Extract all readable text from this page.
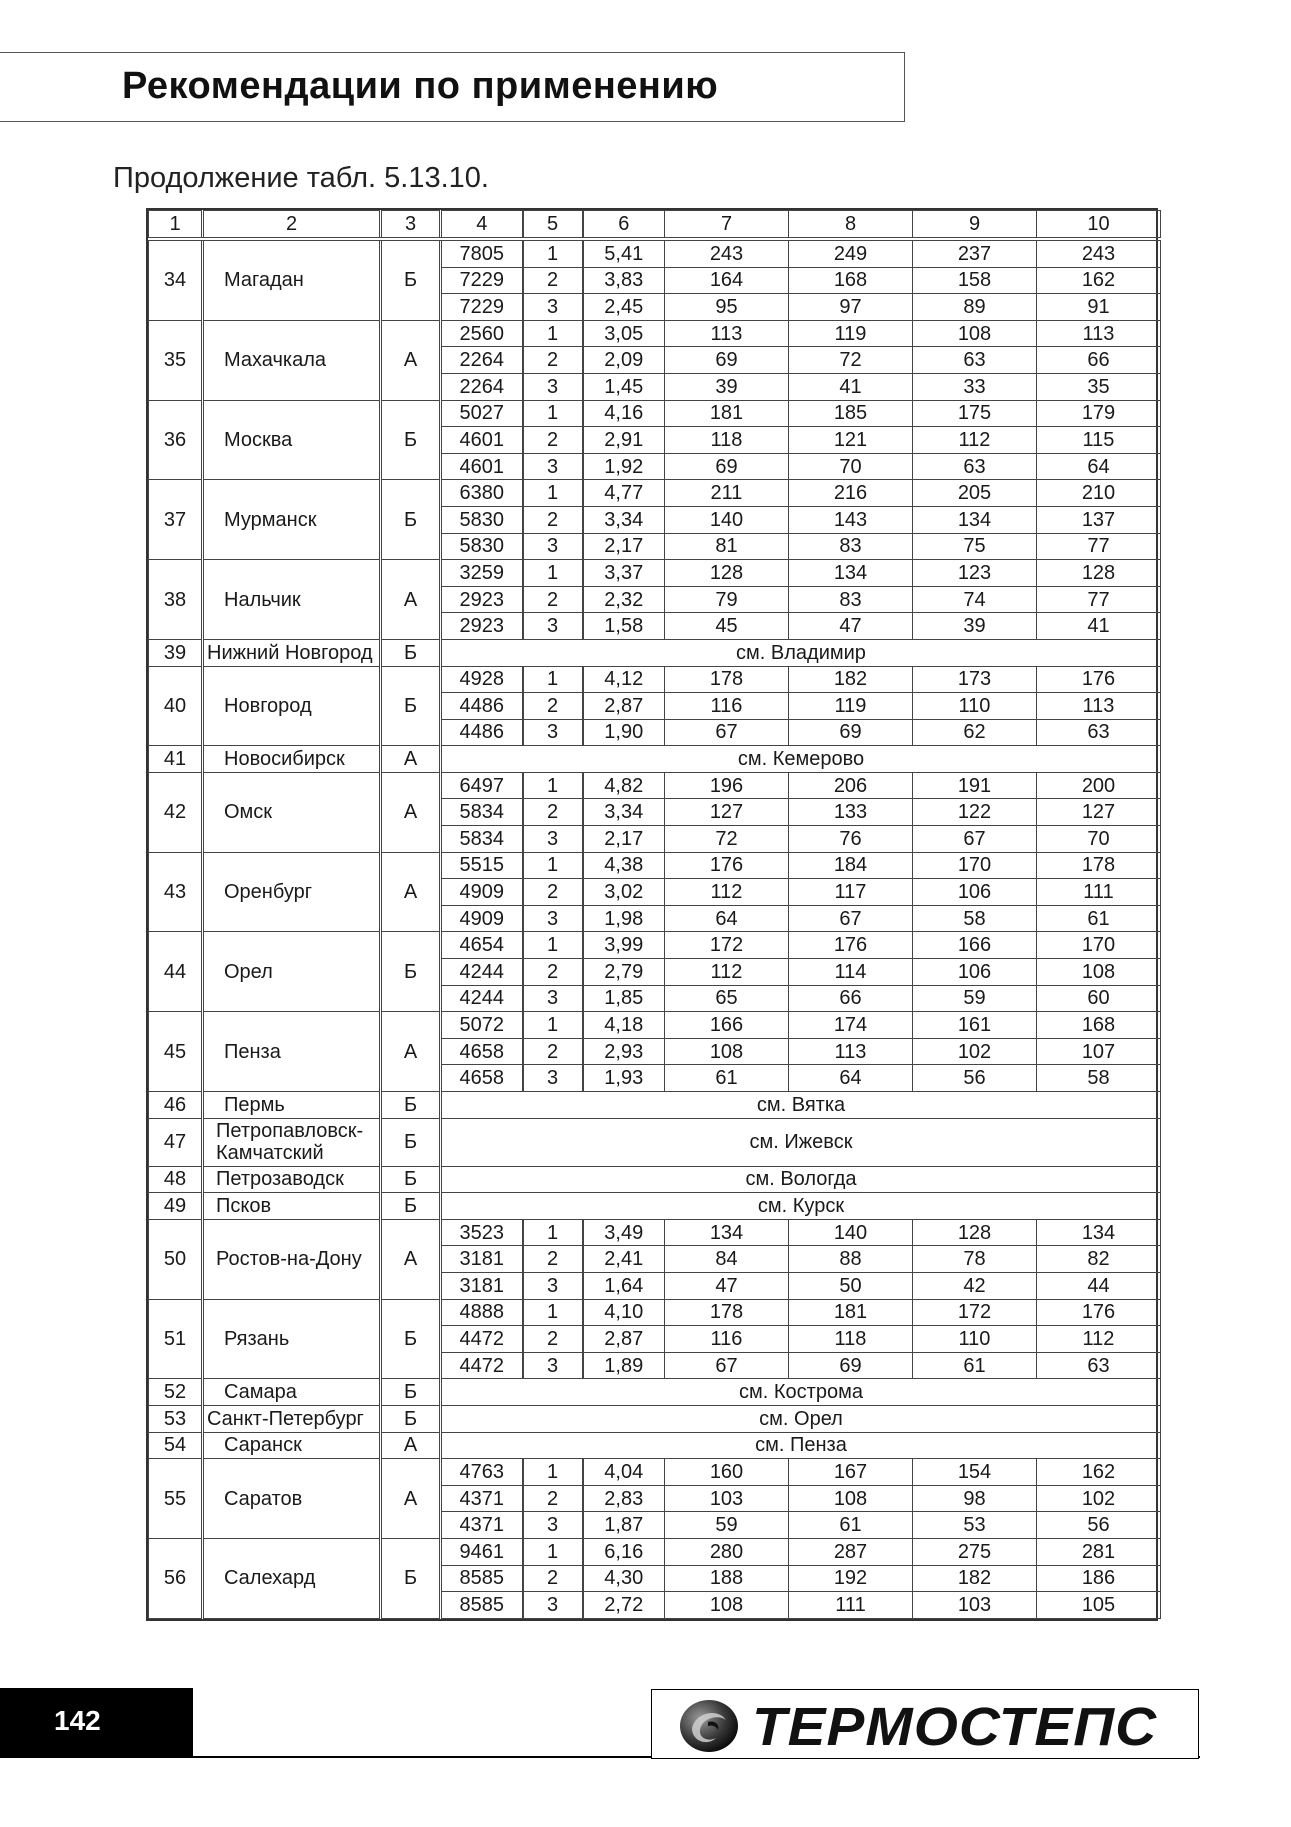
Рекомендации по применению
Продолжение табл. 5.13.10.
1	2	3	4	5	6	7	8	9	10
34	Магадан	Б	7805	1	5,41	243	249	237	243
			7229	2	3,83	164	168	158	162
			7229	3	2,45	95	97	89	91
35	Махачкала	А	2560	1	3,05	113	119	108	113
			2264	2	2,09	69	72	63	66
			2264	3	1,45	39	41	33	35
36	Москва	Б	5027	1	4,16	181	185	175	179
			4601	2	2,91	118	121	112	115
			4601	3	1,92	69	70	63	64
37	Мурманск	Б	6380	1	4,77	211	216	205	210
			5830	2	3,34	140	143	134	137
			5830	3	2,17	81	83	75	77
38	Нальчик	А	3259	1	3,37	128	134	123	128
			2923	2	2,32	79	83	74	77
			2923	3	1,58	45	47	39	41
39	Нижний Новгород	Б	см. Владимир						
40	Новгород	Б	4928	1	4,12	178	182	173	176
			4486	2	2,87	116	119	110	113
			4486	3	1,90	67	69	62	63
41	Новосибирск	А	см. Кемерово						
42	Омск	А	6497	1	4,82	196	206	191	200
			5834	2	3,34	127	133	122	127
			5834	3	2,17	72	76	67	70
43	Оренбург	А	5515	1	4,38	176	184	170	178
			4909	2	3,02	112	117	106	111
			4909	3	1,98	64	67	58	61
44	Орел	Б	4654	1	3,99	172	176	166	170
			4244	2	2,79	112	114	106	108
			4244	3	1,85	65	66	59	60
45	Пенза	А	5072	1	4,18	166	174	161	168
			4658	2	2,93	108	113	102	107
			4658	3	1,93	61	64	56	58
46	Пермь	Б	см. Вятка						
47	Петропавловск-Камчатский	Б	см. Ижевск						
48	Петрозаводск	Б	см. Вологда						
49	Псков	Б	см. Курск						
50	Ростов-на-Дону	А	3523	1	3,49	134	140	128	134
			3181	2	2,41	84	88	78	82
			3181	3	1,64	47	50	42	44
51	Рязань	Б	4888	1	4,10	178	181	172	176
			4472	2	2,87	116	118	110	112
			4472	3	1,89	67	69	61	63
52	Самара	Б	см. Кострома						
53	Санкт-Петербург	Б	см. Орел						
54	Саранск	А	см. Пенза						
55	Саратов	А	4763	1	4,04	160	167	154	162
			4371	2	2,83	103	108	98	102
			4371	3	1,87	59	61	53	56
56	Салехард	Б	9461	1	6,16	280	287	275	281
			8585	2	4,30	188	192	182	186
			8585	3	2,72	108	111	103	105
142	ТЕРМОСТЕПС
